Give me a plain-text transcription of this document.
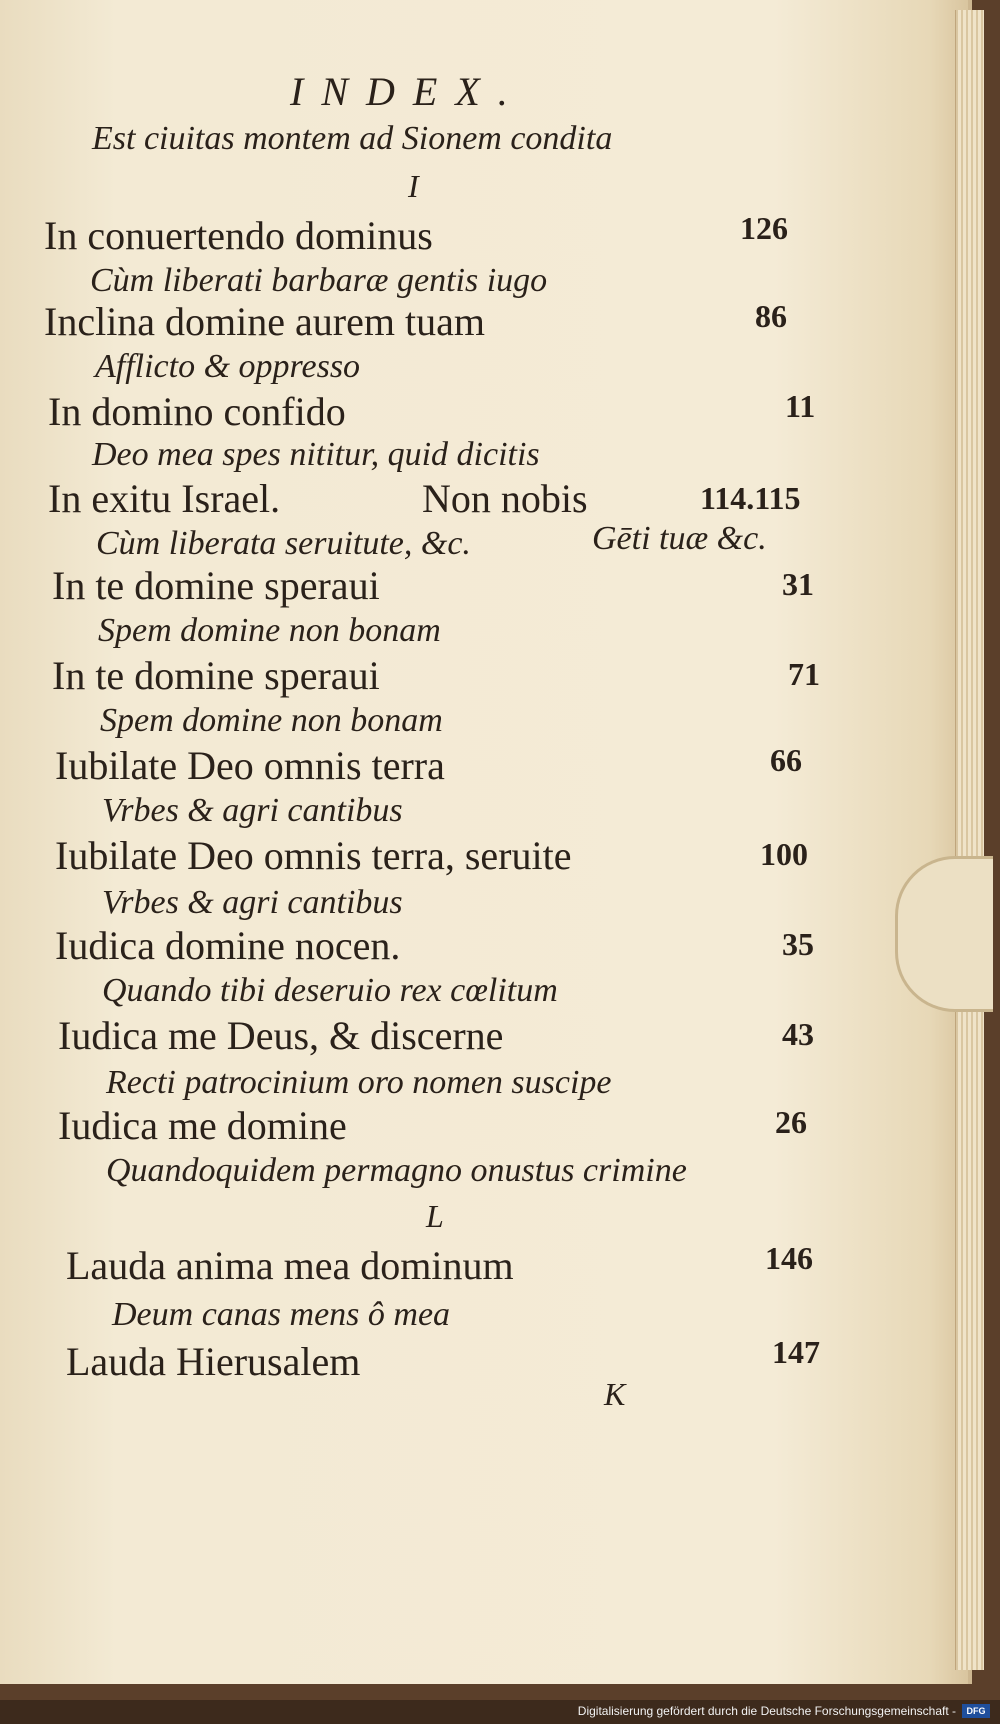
INDEX.
Est ciuitas montem ad Sionem condita
I
In conuertendo dominus	126
Cùm liberati barbaræ gentis iugo
Inclina domine aurem tuam	86
Afflicto & oppresso
In domino confido	11
Deo mea spes nititur, quid dicitis
In exitu Israel.	Non nobis	114.115
Cùm liberata seruitute, &c.	Gēti tuæ &c.
In te domine speraui	31
Spem domine non bonam
In te domine speraui	71
Spem domine non bonam
Iubilate Deo omnis terra	66
Vrbes & agri cantibus
Iubilate Deo omnis terra, seruite	100
Vrbes & agri cantibus
Iudica domine nocen.	35
Quando tibi deseruio rex cœlitum
Iudica me Deus, & discerne	43
Recti patrocinium oro nomen suscipe
Iudica me domine	26
Quandoquidem permagno onustus crimine
L
Lauda anima mea dominum	146
Deum canas mens ô mea
Lauda Hierusalem	147
K
Digitalisierung gefördert durch die Deutsche Forschungsgemeinschaft -	DFG
